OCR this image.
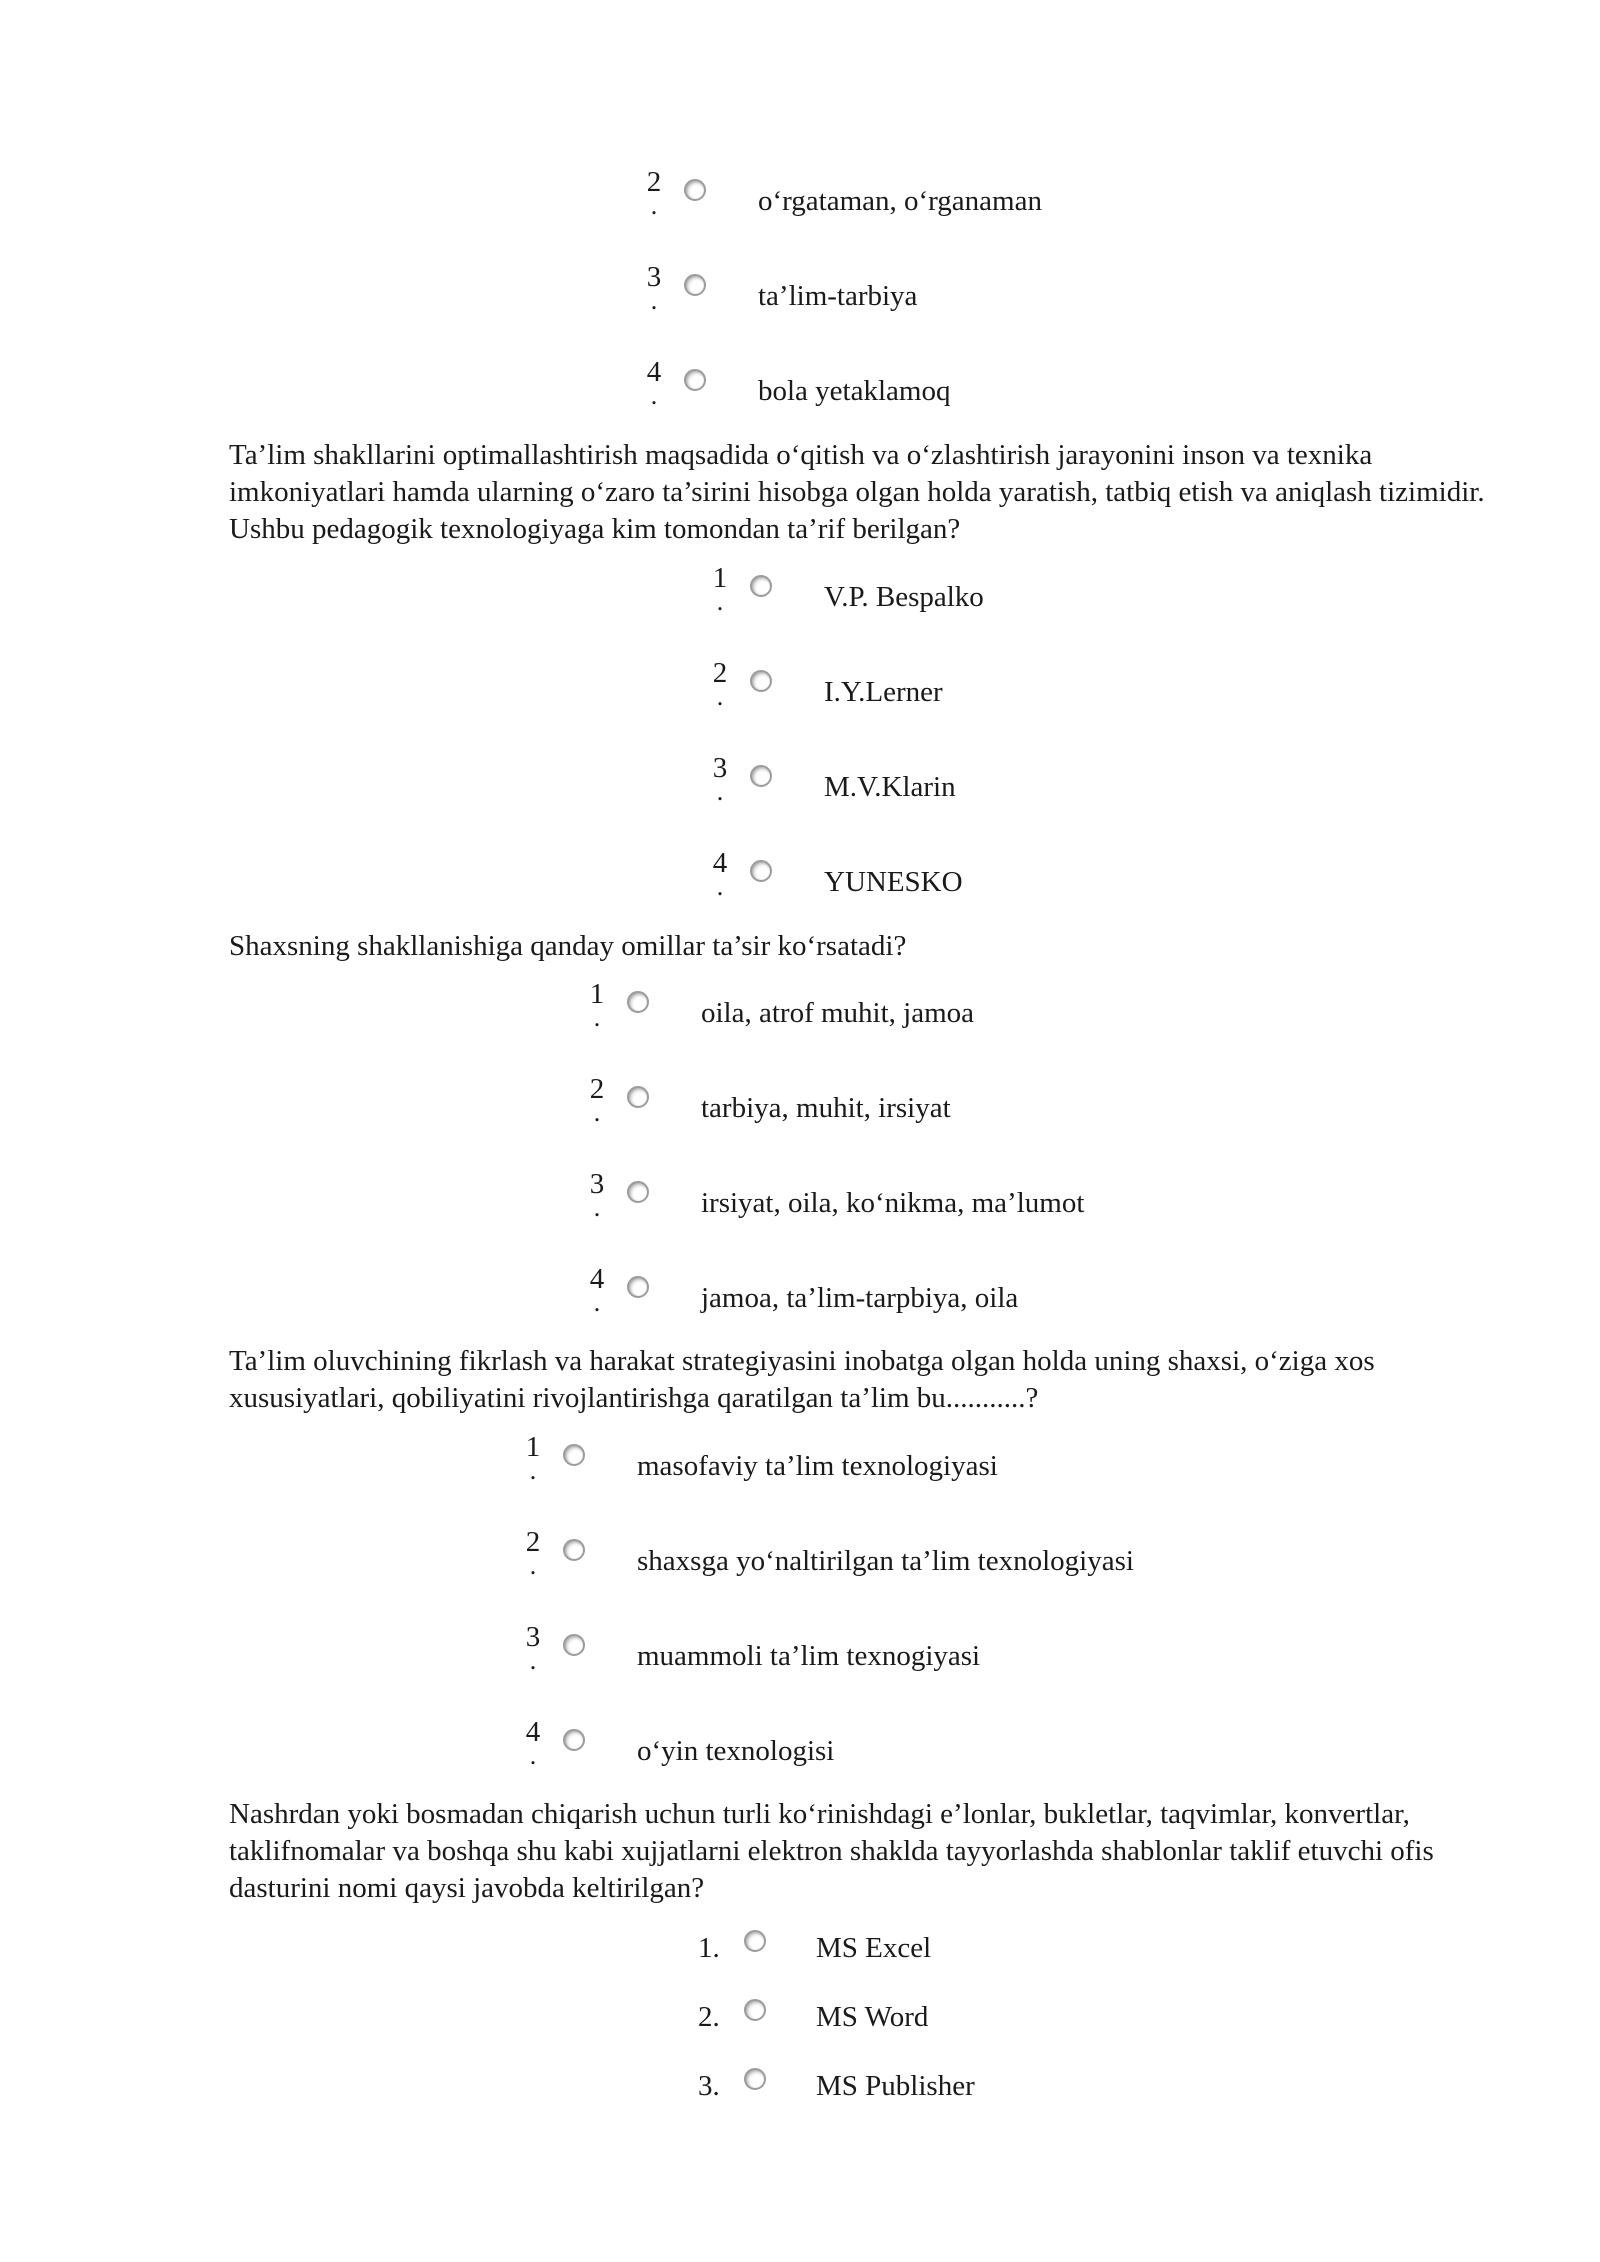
2
.	o‘rgataman, o‘rganaman
3
.	ta’lim-tarbiya
4
.	bola yetaklamoq

Ta’lim shakllarini optimallashtirish maqsadida o‘qitish va o‘zlashtirish jarayonini inson va texnika imkoniyatlari hamda ularning o‘zaro ta’sirini hisobga olgan holda yaratish, tatbiq etish va aniqlash tizimidir. Ushbu pedagogik texnologiyaga kim tomondan ta’rif berilgan?

1
.	V.P. Bespalko
2
.	I.Y.Lerner
3
.	M.V.Klarin
4
.	YUNESKO

Shaxsning shakllanishiga qanday omillar ta’sir ko‘rsatadi?

1
.	oila, atrof muhit, jamoa
2
.	tarbiya, muhit, irsiyat
3
.	irsiyat, oila, ko‘nikma, ma’lumot
4
.	jamoa, ta’lim-tarpbiya, oila

Ta’lim oluvchining fikrlash va harakat strategiyasini inobatga olgan holda uning shaxsi, o‘ziga xos xususiyatlari, qobiliyatini rivojlantirishga qaratilgan ta’lim bu...........?

1
.	masofaviy ta’lim texnologiyasi
2
.	shaxsga yo‘naltirilgan ta’lim texnologiyasi
3
.	muammoli ta’lim texnogiyasi
4
.	o‘yin texnologisi

Nashrdan yoki bosmadan chiqarish uchun turli ko‘rinishdagi e’lonlar, bukletlar, taqvimlar, konvertlar, taklifnomalar va boshqa shu kabi xujjatlarni elektron shaklda tayyorlashda shablonlar taklif etuvchi ofis dasturini nomi qaysi javobda keltirilgan?

1.	MS Excel
2.	MS Word
3.	MS Publisher
